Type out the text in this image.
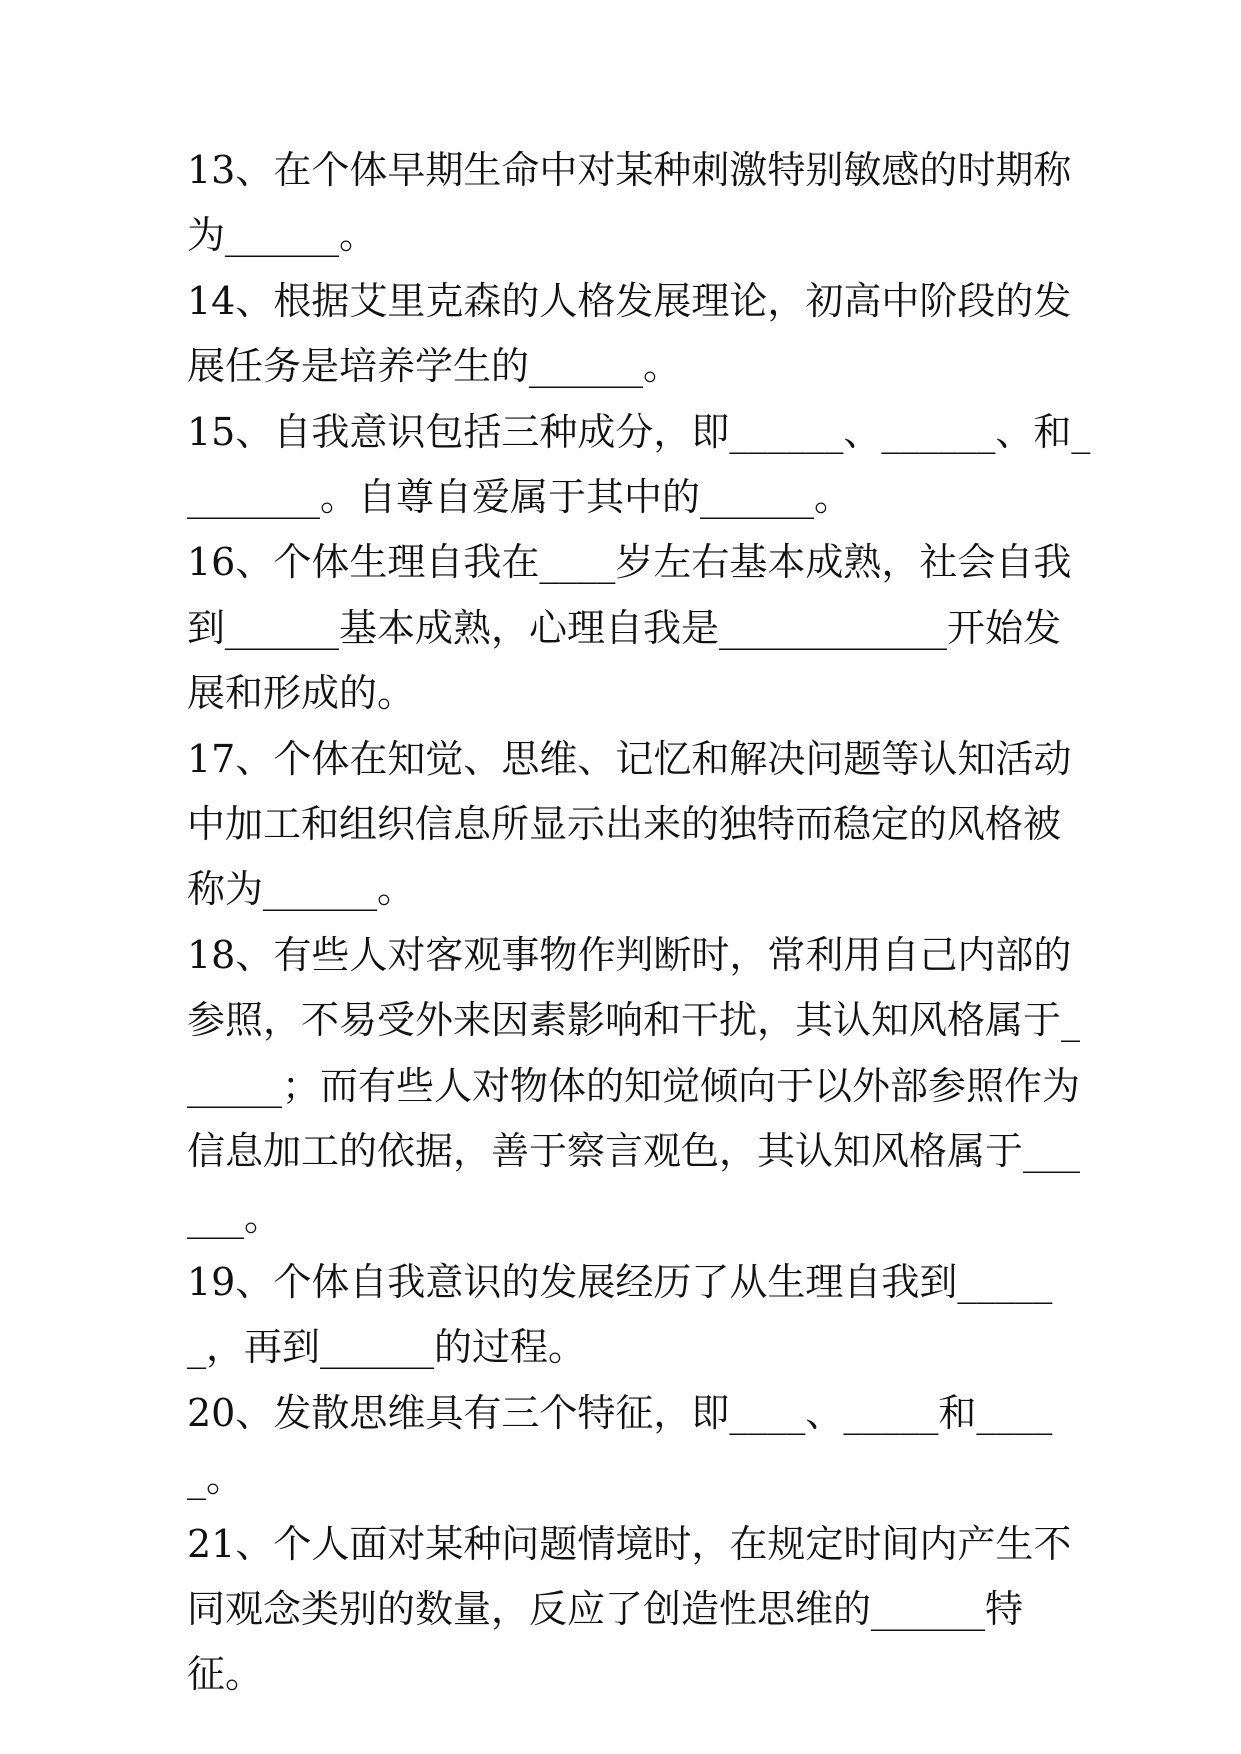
13、在个体早期生命中对某种刺激特别敏感的时期称为______。

14、根据艾里克森的人格发展理论，初高中阶段的发展任务是培养学生的______。

15、自我意识包括三种成分，即______、______、和________。自尊自爱属于其中的______。

16、个体生理自我在____岁左右基本成熟，社会自我到______基本成熟，心理自我是____________开始发展和形成的。

17、个体在知觉、思维、记忆和解决问题等认知活动中加工和组织信息所显示出来的独特而稳定的风格被称为______。

18、有些人对客观事物作判断时，常利用自己内部的参照，不易受外来因素影响和干扰，其认知风格属于______；而有些人对物体的知觉倾向于以外部参照作为信息加工的依据，善于察言观色，其认知风格属于______。

19、个体自我意识的发展经历了从生理自我到______，再到______的过程。

20、发散思维具有三个特征，即____、_____和_____。

21、个人面对某种问题情境时，在规定时间内产生不同观念类别的数量，反应了创造性思维的______特征。
